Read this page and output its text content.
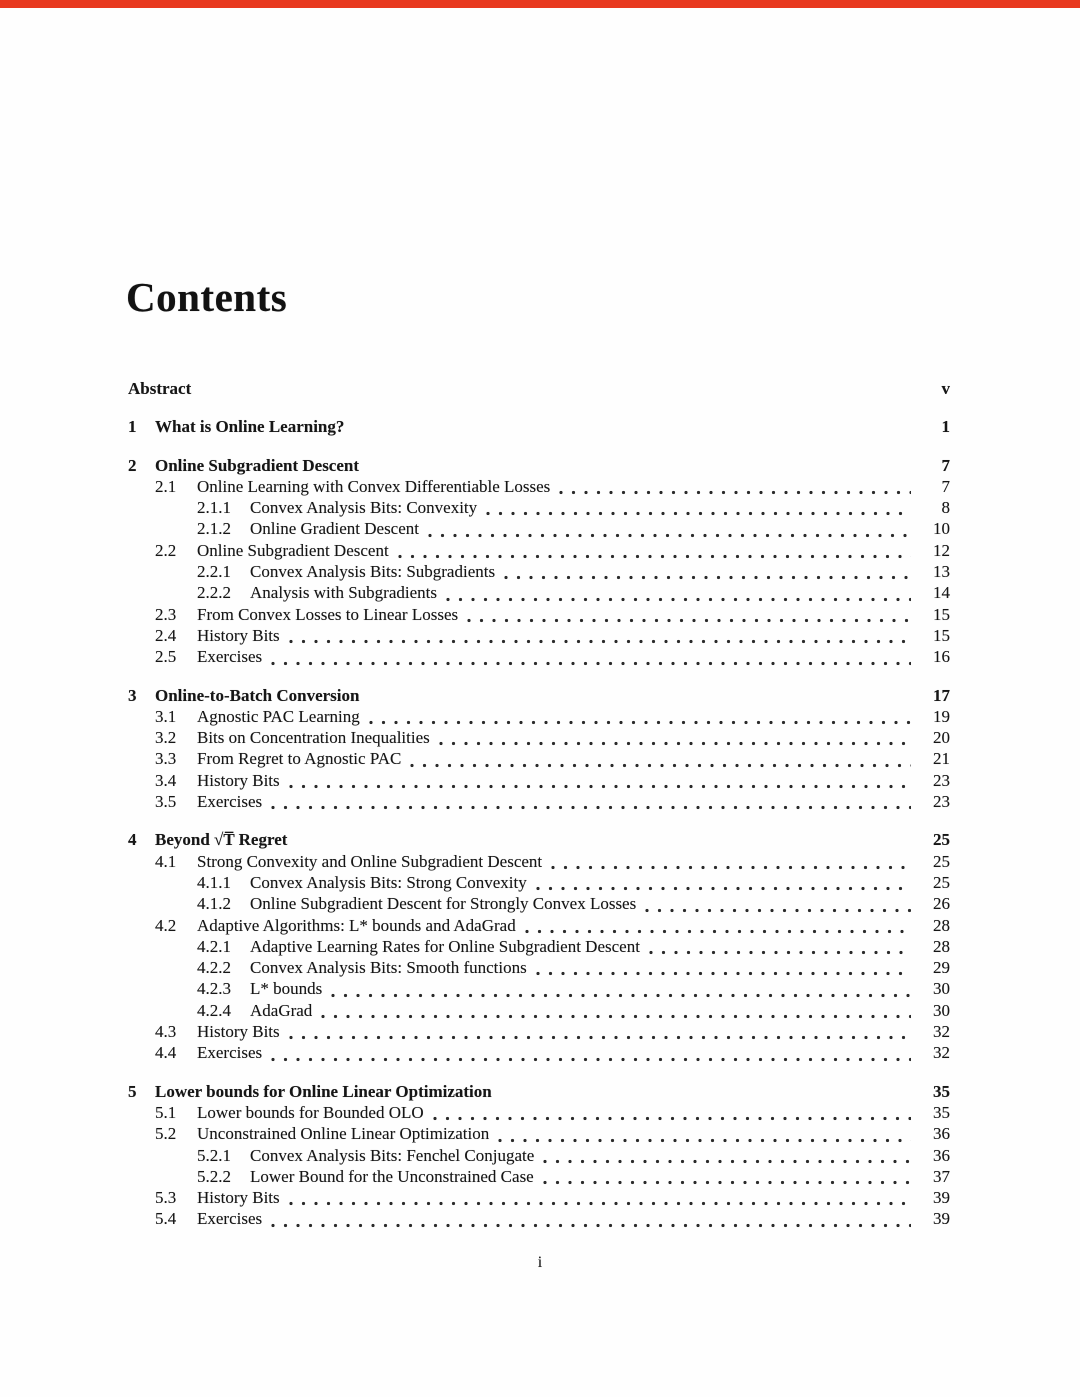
Contents
Abstract	v
1	What is Online Learning?	1
2	Online Subgradient Descent	7
2.1	Online Learning with Convex Differentiable Losses	7
2.1.1	Convex Analysis Bits: Convexity	8
2.1.2	Online Gradient Descent	10
2.2	Online Subgradient Descent	12
2.2.1	Convex Analysis Bits: Subgradients	13
2.2.2	Analysis with Subgradients	14
2.3	From Convex Losses to Linear Losses	15
2.4	History Bits	15
2.5	Exercises	16
3	Online-to-Batch Conversion	17
3.1	Agnostic PAC Learning	19
3.2	Bits on Concentration Inequalities	20
3.3	From Regret to Agnostic PAC	21
3.4	History Bits	23
3.5	Exercises	23
4	Beyond √T̅ Regret	25
4.1	Strong Convexity and Online Subgradient Descent	25
4.1.1	Convex Analysis Bits: Strong Convexity	25
4.1.2	Online Subgradient Descent for Strongly Convex Losses	26
4.2	Adaptive Algorithms: L* bounds and AdaGrad	28
4.2.1	Adaptive Learning Rates for Online Subgradient Descent	28
4.2.2	Convex Analysis Bits: Smooth functions	29
4.2.3	L* bounds	30
4.2.4	AdaGrad	30
4.3	History Bits	32
4.4	Exercises	32
5	Lower bounds for Online Linear Optimization	35
5.1	Lower bounds for Bounded OLO	35
5.2	Unconstrained Online Linear Optimization	36
5.2.1	Convex Analysis Bits: Fenchel Conjugate	36
5.2.2	Lower Bound for the Unconstrained Case	37
5.3	History Bits	39
5.4	Exercises	39
i
